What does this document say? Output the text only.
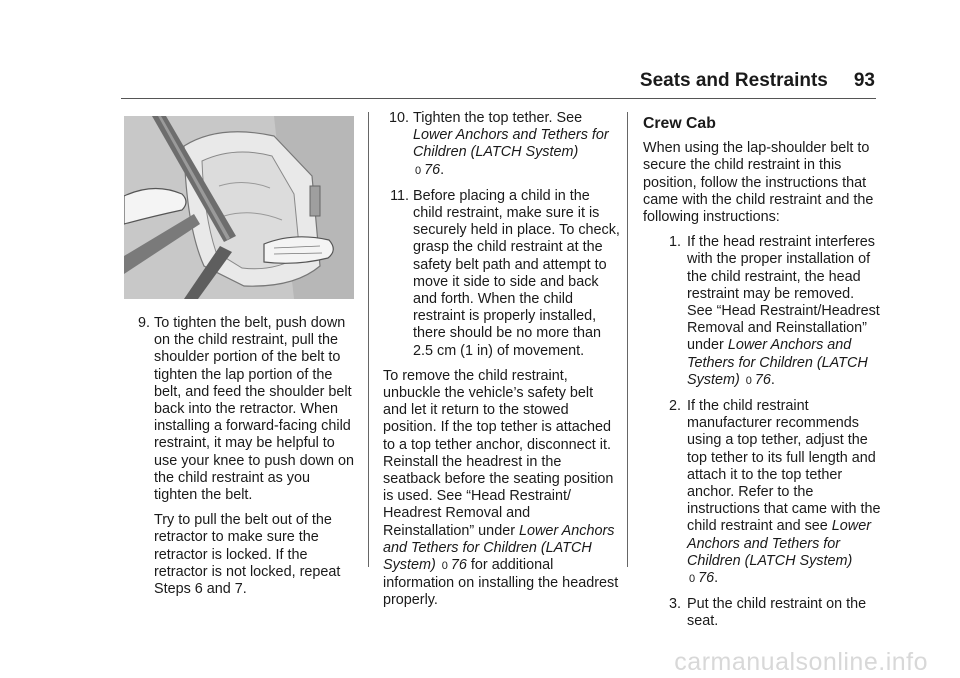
Seats and Restraints 93
9. To tighten the belt, push down on the child restraint, pull the shoulder portion of the belt to tighten the lap portion of the belt, and feed the shoulder belt back into the retractor. When installing a forward-facing child restraint, it may be helpful to use your knee to push down on the child restraint as you tighten the belt.
Try to pull the belt out of the retractor to make sure the retractor is locked. If the retractor is not locked, repeat Steps 6 and 7.
10. Tighten the top tether. See
Lower Anchors and Tethers for Children (LATCH System)
0 76.
11. Before placing a child in the child restraint, make sure it is securely held in place. To check, grasp the child restraint at the safety belt path and attempt to move it side to side and back and forth. When the child restraint is properly installed, there should be no more than 2.5 cm (1 in) of movement.

To remove the child restraint, unbuckle the vehicle’s safety belt and let it return to the stowed position. If the top tether is attached to a top tether anchor, disconnect it. Reinstall the headrest in the seatback before the seating position is used. See “Head Restraint/ Headrest Removal and Reinstallation” under Lower Anchors and Tethers for Children (LATCH System) 0 76 for additional information on installing the headrest properly.

Crew Cab

When using the lap-shoulder belt to secure the child restraint in this position, follow the instructions that came with the child restraint and the following instructions:

1. If the head restraint interferes with the proper installation of the child restraint, the head restraint may be removed. See “Head Restraint/Headrest Removal and Reinstallation” under Lower Anchors and Tethers for Children (LATCH System) 0 76.
2. If the child restraint manufacturer recommends using a top tether, adjust the top tether to its full length and attach it to the top tether anchor. Refer to the instructions that came with the child restraint and see Lower Anchors and Tethers for Children (LATCH System)
0 76.
3. Put the child restraint on the seat.
carmanualsonline.info
